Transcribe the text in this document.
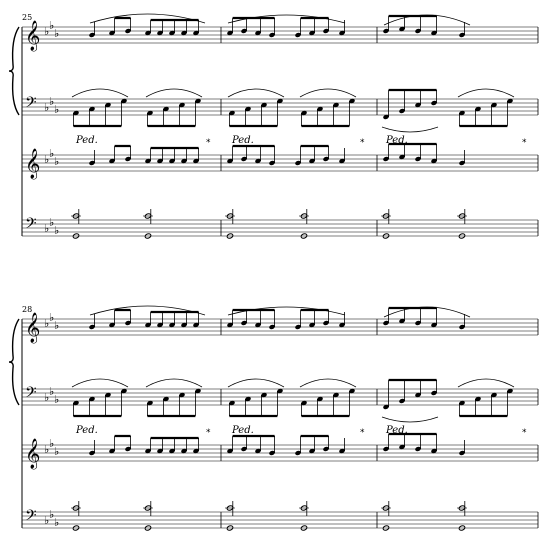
𝄞 ♭ ♭
♭
𝄢 ♭ ♭
♭
𝄞 ♭ ♭
♭
𝄢 ♭ ♭
♭
Ped.	Ped.	Ped.
*	*	*
𝄞 ♭ ♭
♭
𝄢 ♭ ♭
♭
𝄞 ♭ ♭
♭
𝄢 ♭ ♭
♭
Ped.	Ped.	Ped.
*	*	*
25
28
